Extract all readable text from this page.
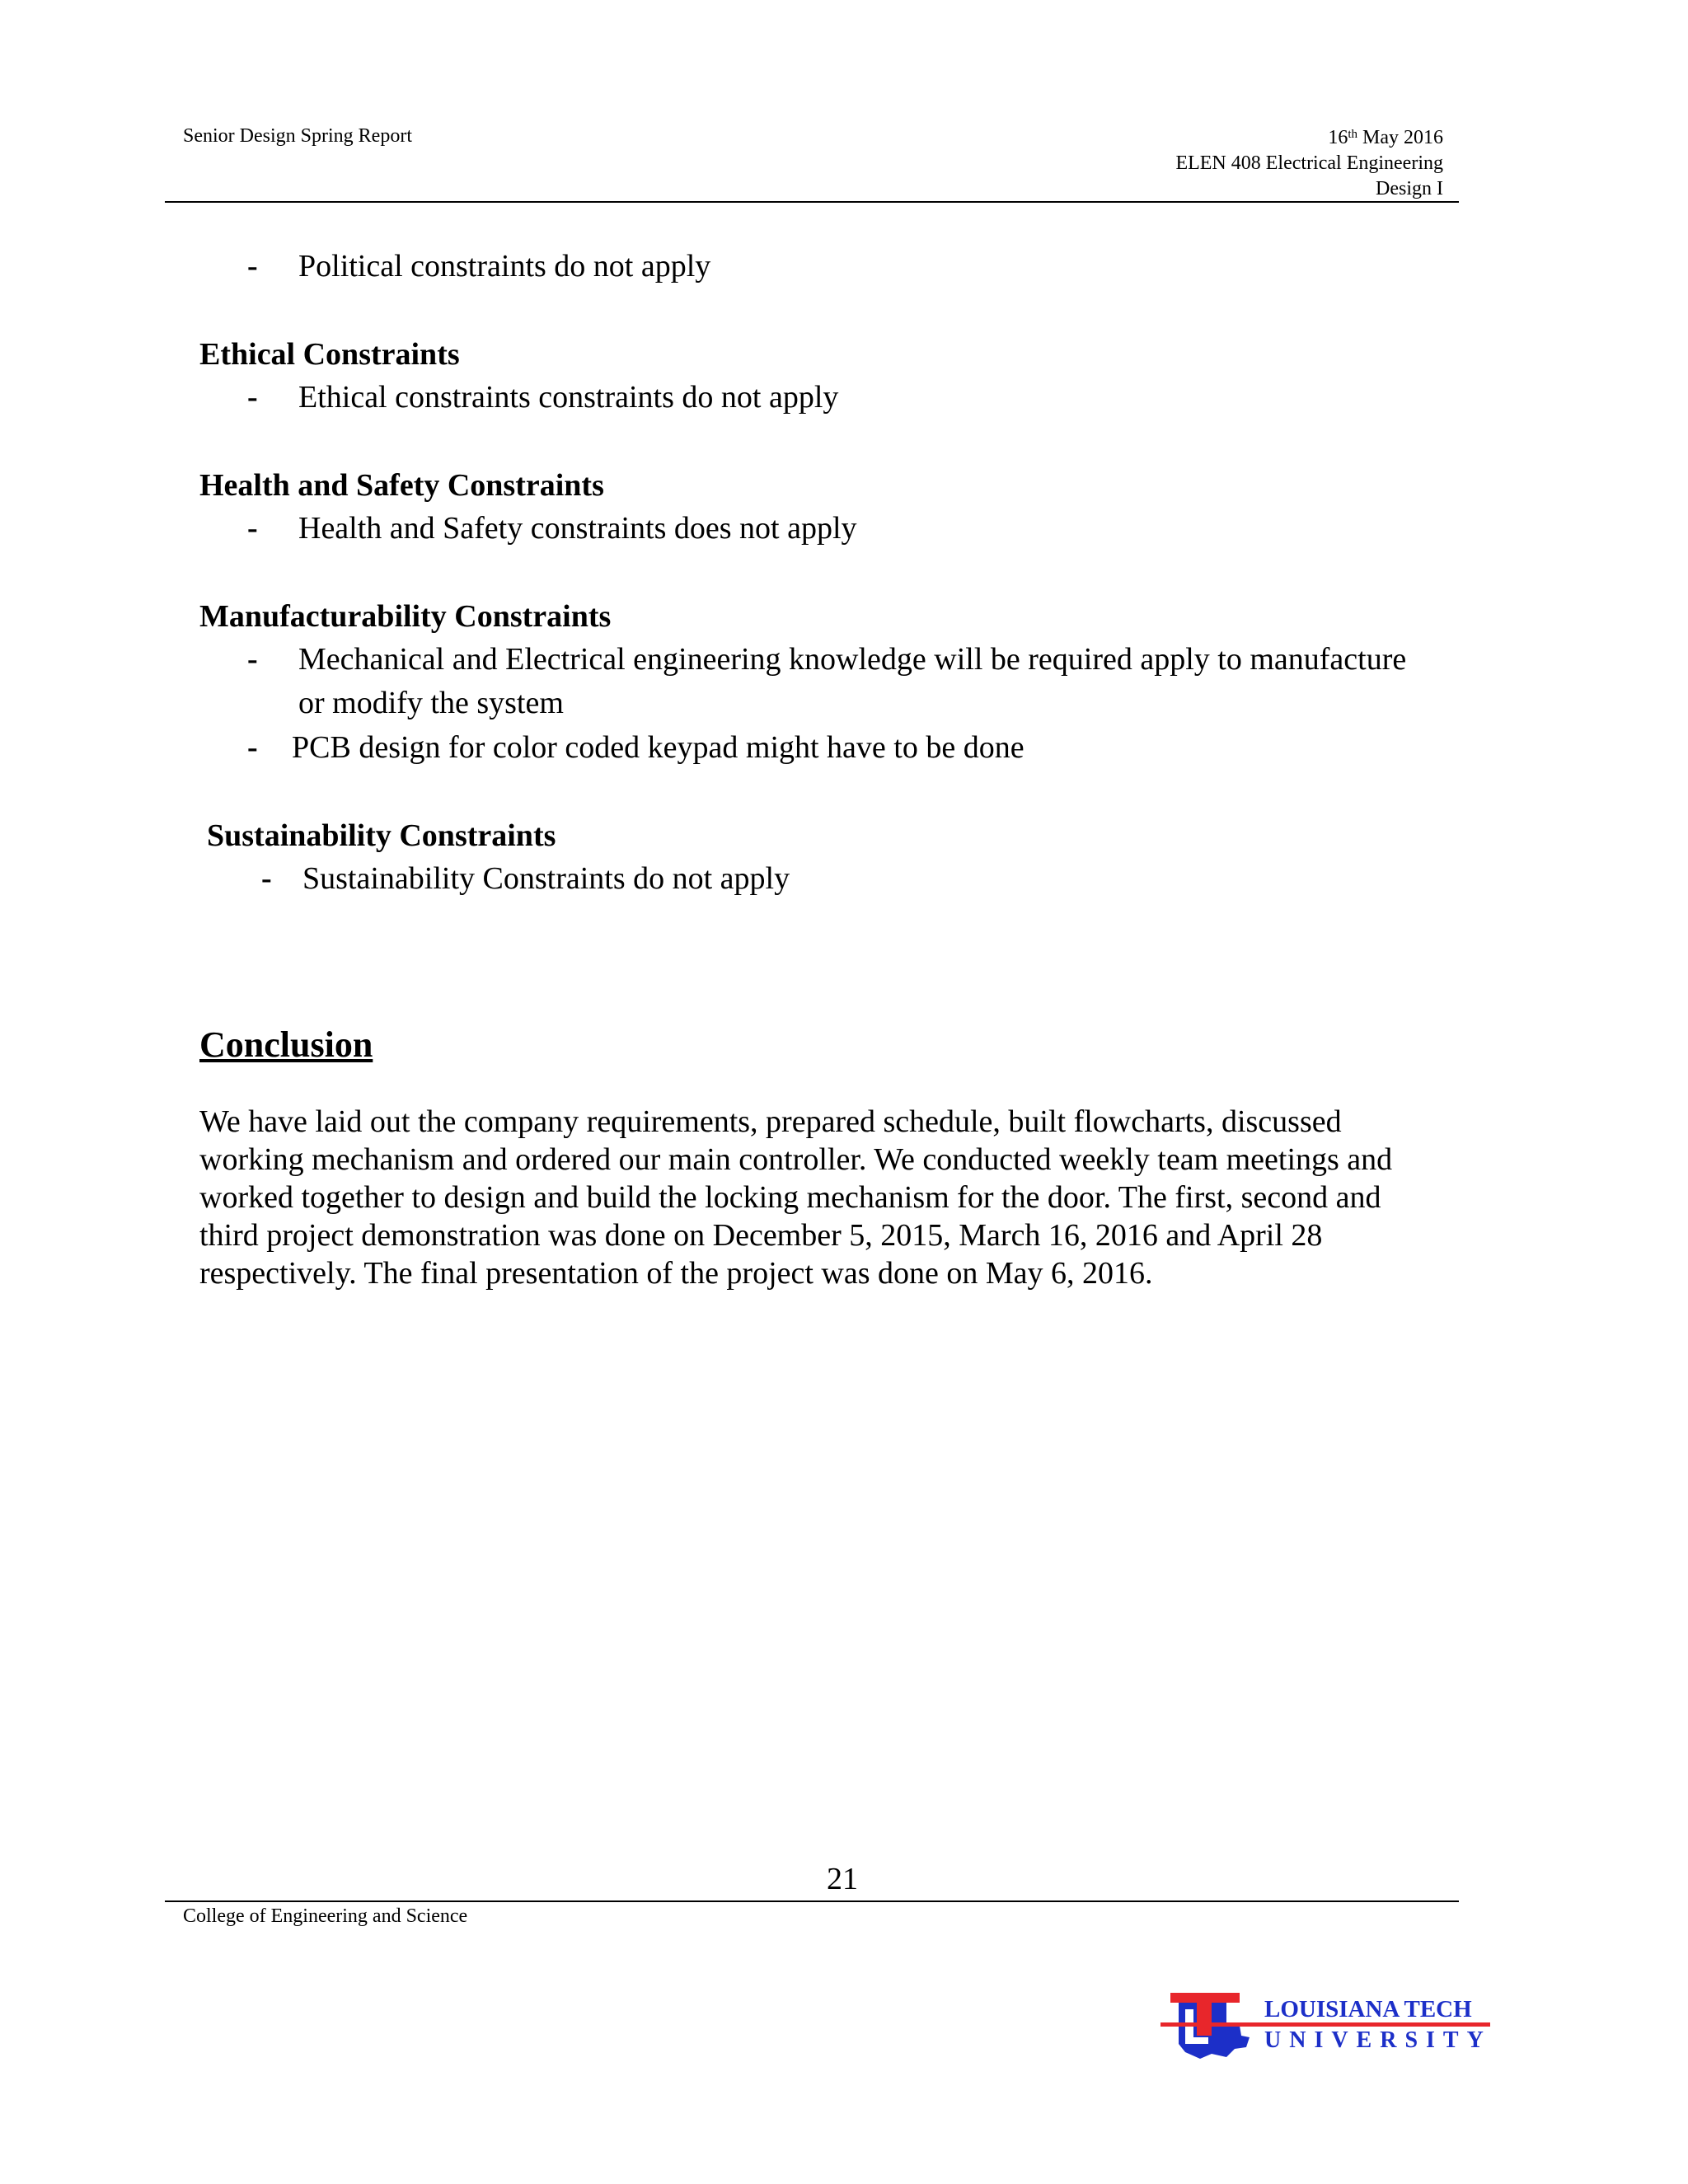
Senior Design Spring Report	16th May 2016
ELEN 408 Electrical Engineering
Design I
- Political constraints do not apply
Ethical Constraints
- Ethical constraints constraints do not apply
Health and Safety Constraints
- Health and Safety constraints does not apply
Manufacturability Constraints
- Mechanical and Electrical engineering knowledge will be required apply to manufacture
or modify the system
- PCB design for color coded keypad might have to be done
Sustainability Constraints
- Sustainability Constraints do not apply
Conclusion
We have laid out the company requirements, prepared schedule, built flowcharts, discussed
working mechanism and ordered our main controller. We conducted weekly team meetings and
worked together to design and build the locking mechanism for the door. The first, second and
third project demonstration was done on December 5, 2015, March 16, 2016 and April 28
respectively. The final presentation of the project was done on May 6, 2016.
21
College of Engineering and Science
LOUISIANA TECH
UNIVERSITY
